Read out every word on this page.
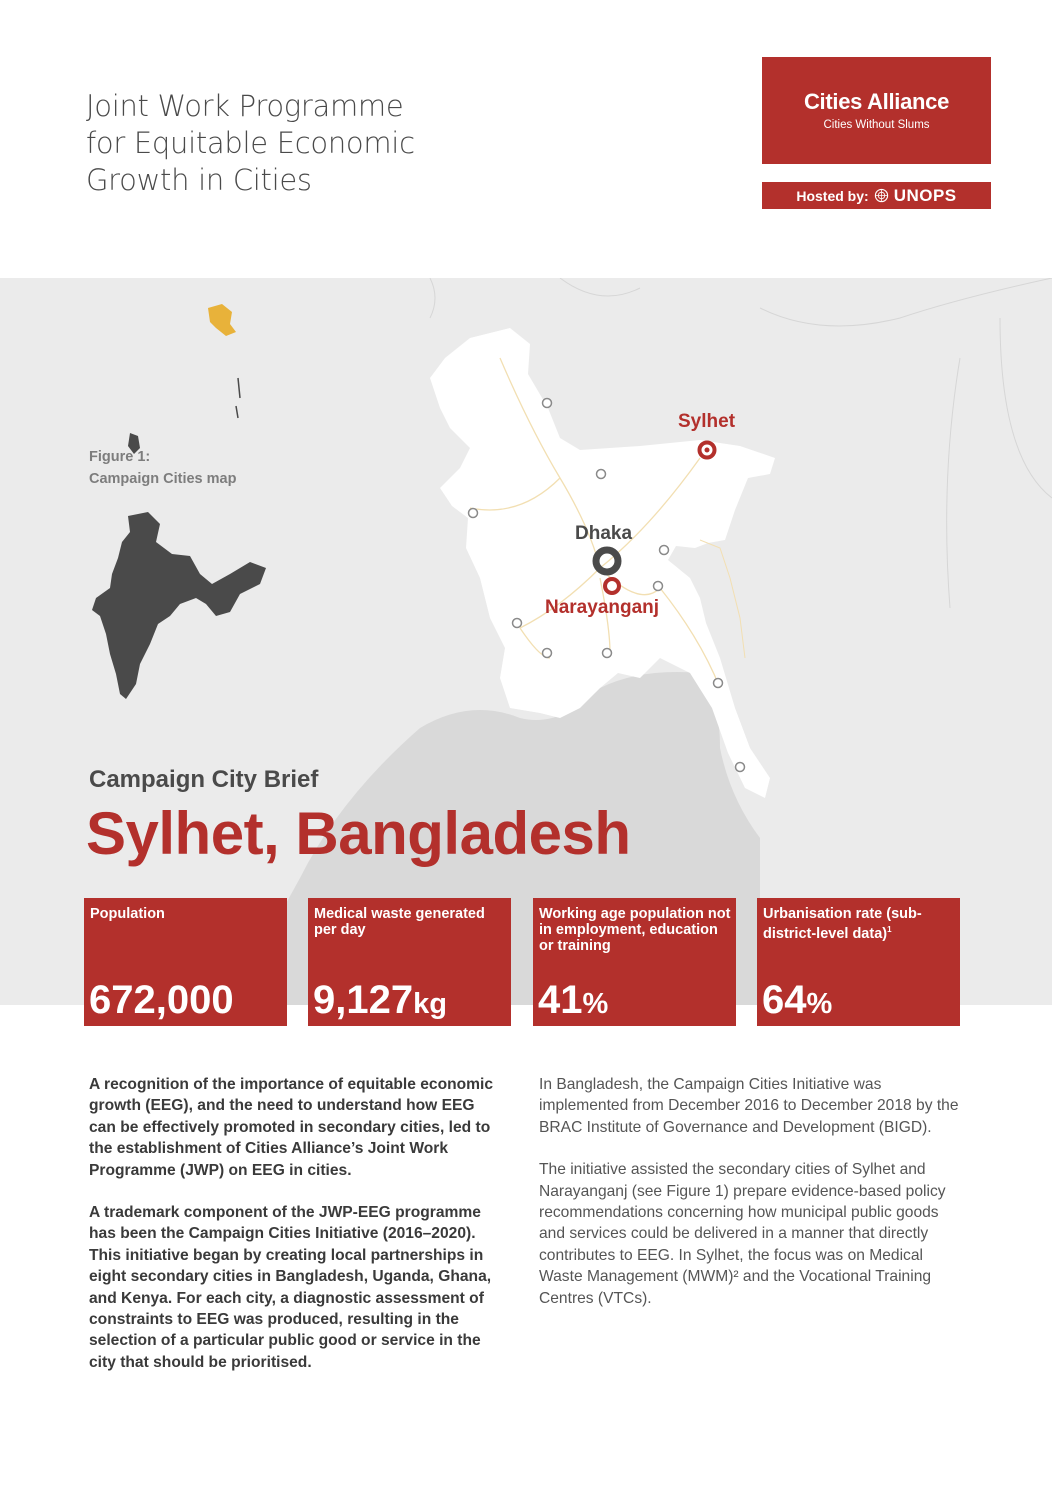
Joint Work Programme
for Equitable Economic
Growth in Cities
Cities Alliance
Cities Without Slums
Hosted by: UNOPS
Figure 1:
Campaign Cities map
Sylhet
Dhaka
Narayanganj
Campaign City Brief
Sylhet, Bangladesh
Population
672,000
Medical waste generated per day
9,127kg
Working age population not in employment, education or training
41%
Urbanisation rate (sub-district-level data)$^1$
64%

A recognition of the importance of equitable economic growth (EEG), and the need to understand how EEG can be effectively promoted in secondary cities, led to the establishment of Cities Alliance’s Joint Work Programme (JWP) on EEG in cities.

A trademark component of the JWP-EEG programme has been the Campaign Cities Initiative (2016–2020). This initiative began by creating local partnerships in eight secondary cities in Bangladesh, Uganda, Ghana, and Kenya. For each city, a diagnostic assessment of constraints to EEG was produced, resulting in the selection of a particular public good or service in the city that should be prioritised.

In Bangladesh, the Campaign Cities Initiative was implemented from December 2016 to December 2018 by the BRAC Institute of Governance and Development (BIGD).

The initiative assisted the secondary cities of Sylhet and Narayanganj (see Figure 1) prepare evidence-based policy recommendations concerning how municipal public goods and services could be delivered in a manner that directly contributes to EEG. In Sylhet, the focus was on Medical Waste Management (MWM)² and the Vocational Training Centres (VTCs).
